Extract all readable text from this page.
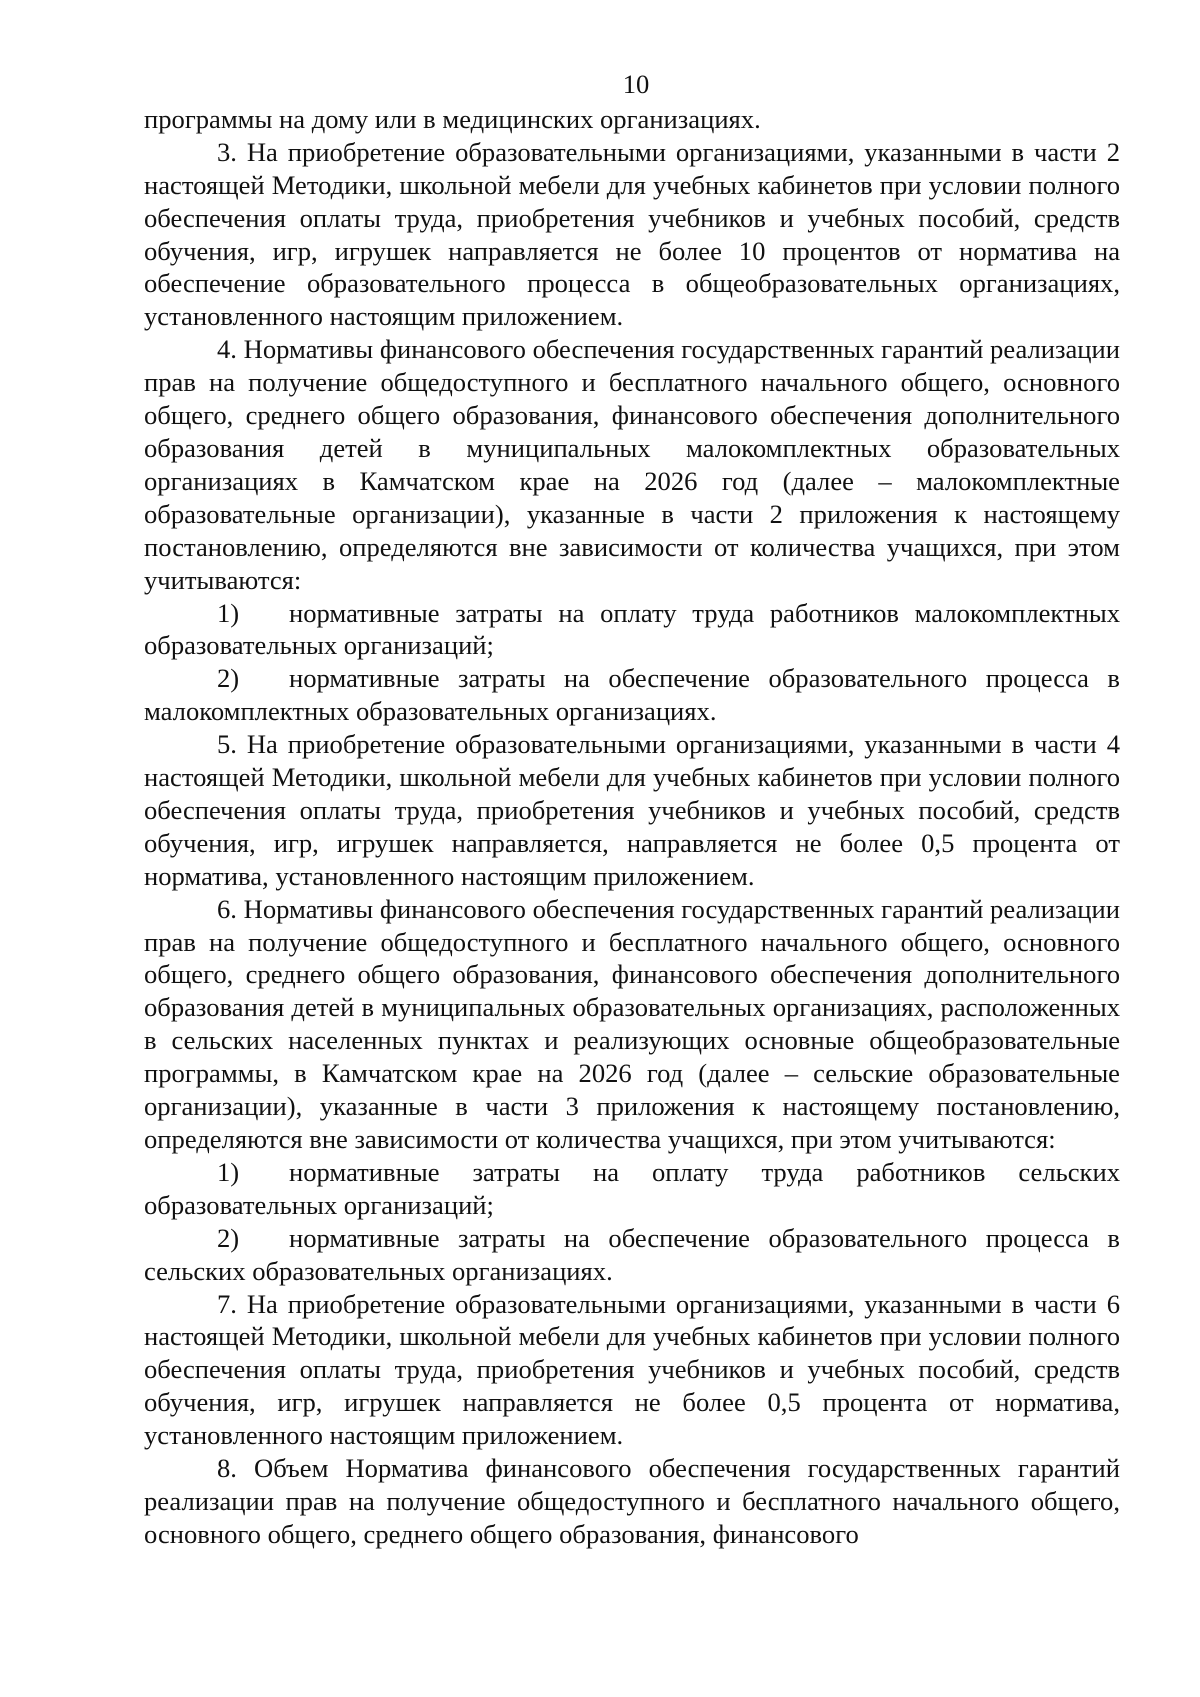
10

программы на дому или в медицинских организациях.

3. На приобретение образовательными организациями, указанными в части 2 настоящей Методики, школьной мебели для учебных кабинетов при условии полного обеспечения оплаты труда, приобретения учебников и учебных пособий, средств обучения, игр, игрушек направляется не более 10 процентов от норматива на обеспечение образовательного процесса в общеобразовательных организациях, установленного настоящим приложением.

4. Нормативы финансового обеспечения государственных гарантий реализации прав на получение общедоступного и бесплатного начального общего, основного общего, среднего общего образования, финансового обеспечения дополнительного образования детей в муниципальных малокомплектных образовательных организациях в Камчатском крае на 2026 год (далее – малокомплектные образовательные организации), указанные в части 2 приложения к настоящему постановлению, определяются вне зависимости от количества учащихся, при этом учитываются:

1) нормативные затраты на оплату труда работников малокомплектных образовательных организаций;

2) нормативные затраты на обеспечение образовательного процесса в малокомплектных образовательных организациях.

5. На приобретение образовательными организациями, указанными в части 4 настоящей Методики, школьной мебели для учебных кабинетов при условии полного обеспечения оплаты труда, приобретения учебников и учебных пособий, средств обучения, игр, игрушек направляется, направляется не более 0,5 процента от норматива, установленного настоящим приложением.

6. Нормативы финансового обеспечения государственных гарантий реализации прав на получение общедоступного и бесплатного начального общего, основного общего, среднего общего образования, финансового обеспечения дополнительного образования детей в муниципальных образовательных организациях, расположенных в сельских населенных пунктах и реализующих основные общеобразовательные программы, в Камчатском крае на 2026 год (далее – сельские образовательные организации), указанные в части 3 приложения к настоящему постановлению, определяются вне зависимости от количества учащихся, при этом учитываются:

1) нормативные затраты на оплату труда работников сельских образовательных организаций;

2) нормативные затраты на обеспечение образовательного процесса в сельских образовательных организациях.

7. На приобретение образовательными организациями, указанными в части 6 настоящей Методики, школьной мебели для учебных кабинетов при условии полного обеспечения оплаты труда, приобретения учебников и учебных пособий, средств обучения, игр, игрушек направляется не более 0,5 процента от норматива, установленного настоящим приложением.

8. Объем Норматива финансового обеспечения государственных гарантий реализации прав на получение общедоступного и бесплатного начального общего, основного общего, среднего общего образования, финансового
